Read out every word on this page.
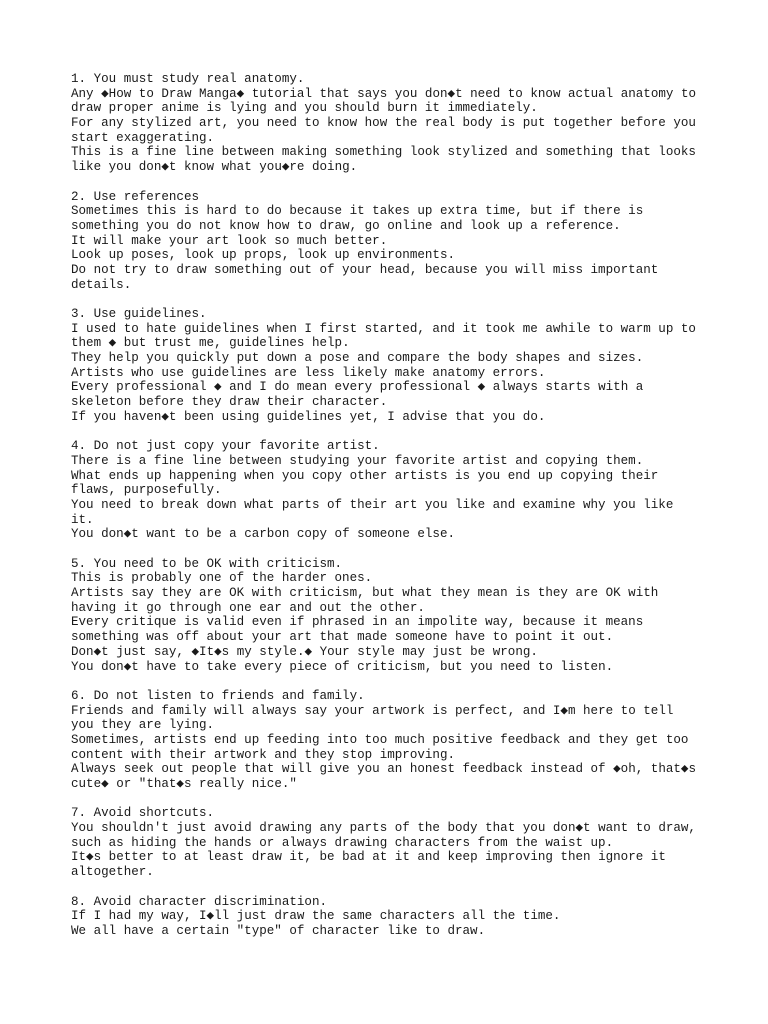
1. You must study real anatomy.
Any ◆How to Draw Manga◆ tutorial that says you don◆t need to know actual anatomy to
draw proper anime is lying and you should burn it immediately.
For any stylized art, you need to know how the real body is put together before you
start exaggerating.
This is a fine line between making something look stylized and something that looks
like you don◆t know what you◆re doing.
2. Use references
Sometimes this is hard to do because it takes up extra time, but if there is
something you do not know how to draw, go online and look up a reference.
It will make your art look so much better.
Look up poses, look up props, look up environments.
Do not try to draw something out of your head, because you will miss important
details.
3. Use guidelines.
I used to hate guidelines when I first started, and it took me awhile to warm up to
them ◆ but trust me, guidelines help.
They help you quickly put down a pose and compare the body shapes and sizes.
Artists who use guidelines are less likely make anatomy errors.
Every professional ◆ and I do mean every professional ◆ always starts with a
skeleton before they draw their character.
If you haven◆t been using guidelines yet, I advise that you do.
4. Do not just copy your favorite artist.
There is a fine line between studying your favorite artist and copying them.
What ends up happening when you copy other artists is you end up copying their
flaws, purposefully.
You need to break down what parts of their art you like and examine why you like
it.
You don◆t want to be a carbon copy of someone else.
5. You need to be OK with criticism.
This is probably one of the harder ones.
Artists say they are OK with criticism, but what they mean is they are OK with
having it go through one ear and out the other.
Every critique is valid even if phrased in an impolite way, because it means
something was off about your art that made someone have to point it out.
Don◆t just say, ◆It◆s my style.◆ Your style may just be wrong.
You don◆t have to take every piece of criticism, but you need to listen.
6. Do not listen to friends and family.
Friends and family will always say your artwork is perfect, and I◆m here to tell
you they are lying.
Sometimes, artists end up feeding into too much positive feedback and they get too
content with their artwork and they stop improving.
Always seek out people that will give you an honest feedback instead of ◆oh, that◆s
cute◆ or "that◆s really nice."
7. Avoid shortcuts.
You shouldn't just avoid drawing any parts of the body that you don◆t want to draw,
such as hiding the hands or always drawing characters from the waist up.
It◆s better to at least draw it, be bad at it and keep improving then ignore it
altogether.
8. Avoid character discrimination.
If I had my way, I◆ll just draw the same characters all the time.
We all have a certain "type" of character like to draw.
